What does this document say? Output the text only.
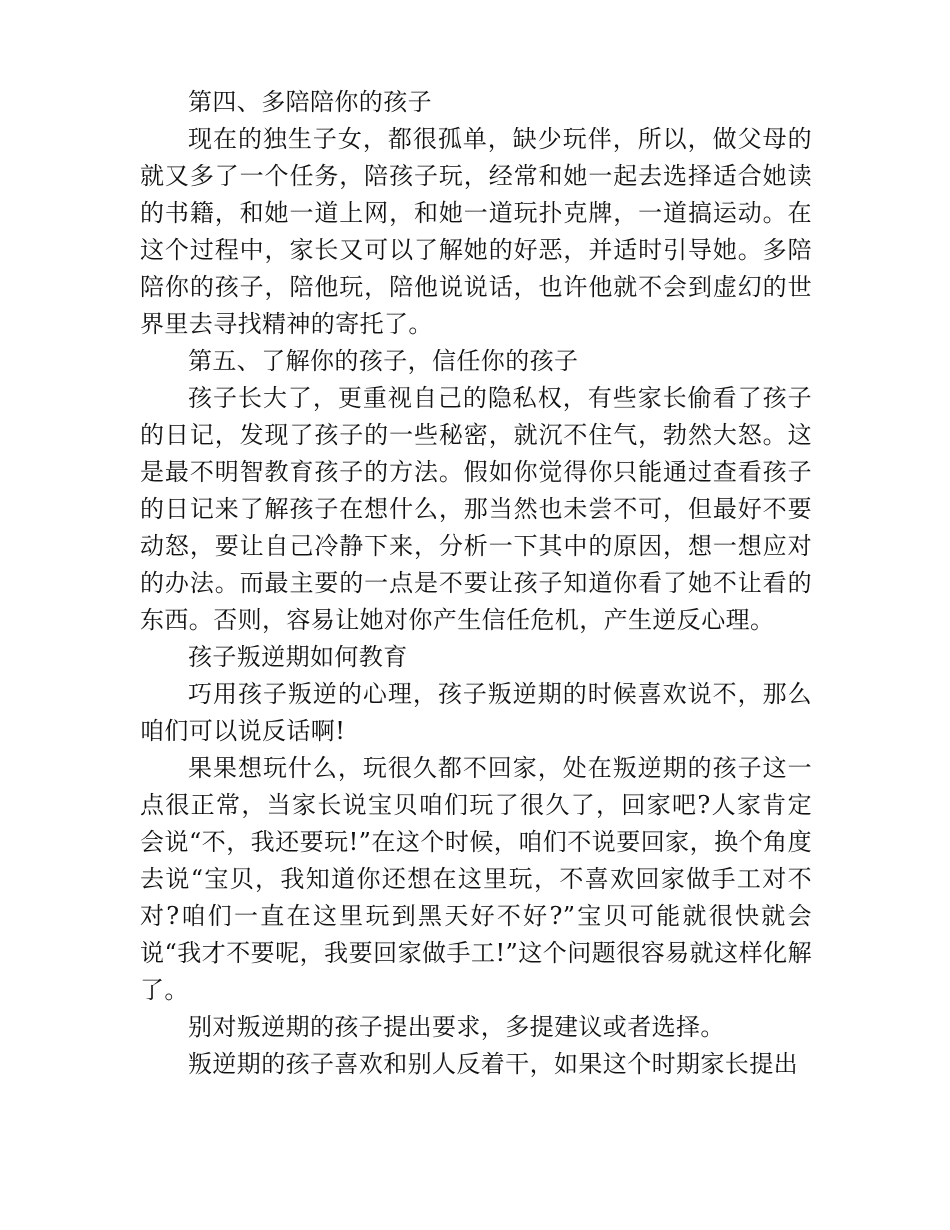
第四、多陪陪你的孩子

现在的独生子女，都很孤单，缺少玩伴，所以，做父母的就又多了一个任务，陪孩子玩，经常和她一起去选择适合她读的书籍，和她一道上网，和她一道玩扑克牌，一道搞运动。在这个过程中，家长又可以了解她的好恶，并适时引导她。多陪陪你的孩子，陪他玩，陪他说说话，也许他就不会到虚幻的世界里去寻找精神的寄托了。

第五、了解你的孩子，信任你的孩子

孩子长大了，更重视自己的隐私权，有些家长偷看了孩子的日记，发现了孩子的一些秘密，就沉不住气，勃然大怒。这是最不明智教育孩子的方法。假如你觉得你只能通过查看孩子的日记来了解孩子在想什么，那当然也未尝不可，但最好不要动怒，要让自己冷静下来，分析一下其中的原因，想一想应对的办法。而最主要的一点是不要让孩子知道你看了她不让看的东西。否则，容易让她对你产生信任危机，产生逆反心理。

孩子叛逆期如何教育

巧用孩子叛逆的心理，孩子叛逆期的时候喜欢说不，那么咱们可以说反话啊!

果果想玩什么，玩很久都不回家，处在叛逆期的孩子这一点很正常，当家长说宝贝咱们玩了很久了，回家吧?人家肯定会说“不，我还要玩!”在这个时候，咱们不说要回家，换个角度去说“宝贝，我知道你还想在这里玩，不喜欢回家做手工对不对?咱们一直在这里玩到黑天好不好?”宝贝可能就很快就会说“我才不要呢，我要回家做手工!”这个问题很容易就这样化解了。

别对叛逆期的孩子提出要求，多提建议或者选择。

叛逆期的孩子喜欢和别人反着干，如果这个时期家长提出
